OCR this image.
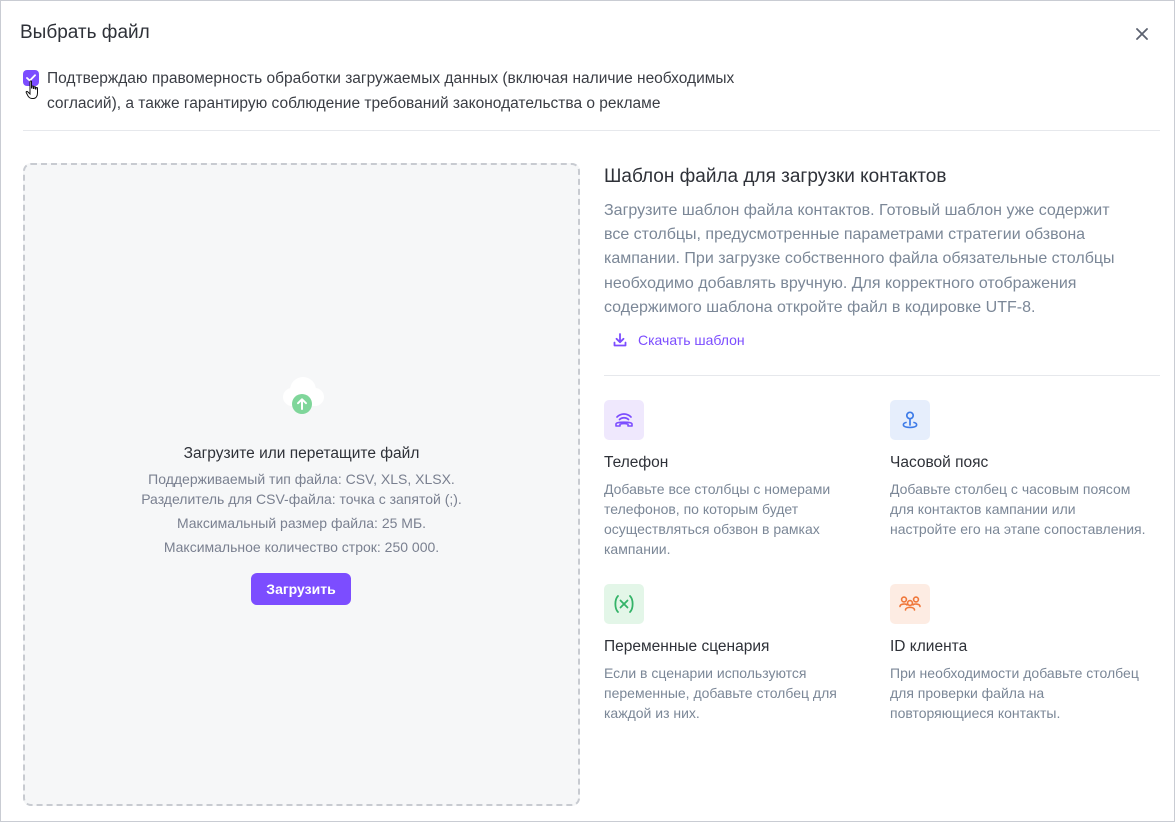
Выбрать файл
Подтверждаю правомерность обработки загружаемых данных (включая наличие необходимых
согласий), а также гарантирую соблюдение требований законодательства о рекламе
Загрузите или перетащите файл
Поддерживаемый тип файла: CSV, XLS, XLSX.
Разделитель для CSV-файла: точка с запятой (;).
Максимальный размер файла: 25 МБ.
Максимальное количество строк: 250 000.
Загрузить
Шаблон файла для загрузки контактов
Загрузите шаблон файла контактов. Готовый шаблон уже содержит
все столбцы, предусмотренные параметрами стратегии обзвона
кампании. При загрузке собственного файла обязательные столбцы
необходимо добавлять вручную. Для корректного отображения
содержимого шаблона откройте файл в кодировке UTF-8.
Скачать шаблон
Телефон
Добавьте все столбцы с номерами
телефонов, по которым будет
осуществляться обзвон в рамках
кампании.
Часовой пояс
Добавьте столбец с часовым поясом
для контактов кампании или
настройте его на этапе сопоставления.
Переменные сценария
Если в сценарии используются
переменные, добавьте столбец для
каждой из них.
ID клиента
При необходимости добавьте столбец
для проверки файла на
повторяющиеся контакты.
